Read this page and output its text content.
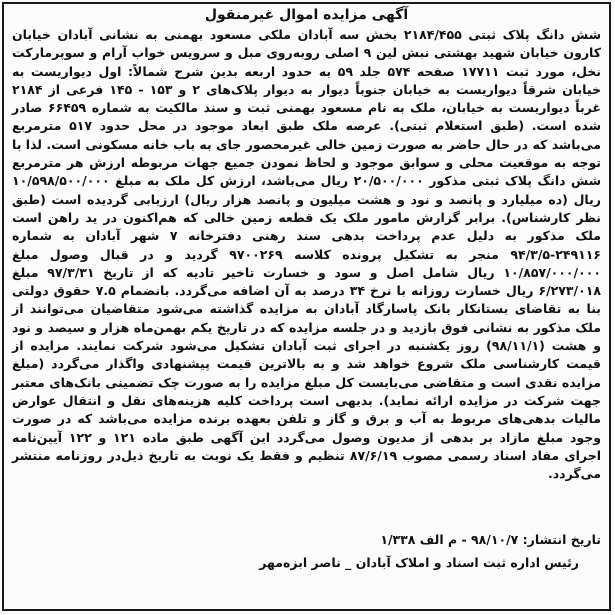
آگهی مزایده اموال غیرمنقول
شش دانگ پلاک ثبتی ۲۱۸۴/۴۵۵ بخش سه آبادان ملکی مسعود بهمنی به نشانی آبادان خیابان کارون خیابان شهید بهشتی نبش لین ۹ اصلی روبه‌روی مبل و سرویس خواب آرام و سوپرمارکت نخل، مورد ثبت ۱۷۷۱۱ صفحه ۵۷۴ جلد ۵۹ به حدود اربعه بدین شرح شمالاً: اول دیواریست به خیابان شرقاً دیواریست به خیابان جنوباً دیوار به دیوار پلاک‌های ۲ و ۱۵۳ - ۱۴۵ فرعی از ۲۱۸۴ غرباً دیواریست به خیابان، ملک به نام مسعود بهمنی ثبت و سند مالکیت به شماره ۶۶۴۵۹ صادر شده است. (طبق استعلام ثبتی). عرصه ملک طبق ابعاد موجود در محل حدود ۵۱۷ مترمربع می‌باشد که در حال حاضر به صورت زمین خالی غیرمحصور جای به باب خانه مسکونی است. لذا با توجه به موقعیت محلی و سوابق موجود و لحاظ نمودن جمیع جهات مربوطه ارزش هر مترمربع شش دانگ پلاک ثبتی مذکور ۲۰/۵۰۰/۰۰۰ ریال می‌باشد، ارزش کل ملک به مبلغ ۱۰/۵۹۸/۵۰۰/۰۰۰ ریال (ده میلیارد و پانصد و نود و هشت میلیون و پانصد هزار ریال) ارزیابی گردیده است (طبق نظر کارشناس). برابر گزارش مامور ملک یک قطعه زمین خالی که هم‌اکنون در ید راهن است ملک مذکور به دلیل عدم پرداخت بدهی سند رهنی دفترخانه ۷ شهر آبادان به شماره ۲۴۹۱۱۶-۹۴/۳/۵ منجر به تشکیل پرونده کلاسه ۹۷۰۰۲۶۹ گردید و در قبال وصول مبلغ ۱۰/۸۵۷/۰۰۰/۰۰۰ ریال شامل اصل و سود و خسارت تاخیر تادیه که از تاریخ ۹۷/۳/۳۱ مبلغ ۶/۲۷۳/۰۱۸ ریال خسارت روزانه با نرخ ۳۴ درصد به آن اضافه می‌گردد. بانضمام ۷.۵ حقوق دولتی بنا به تقاضای بستانکار بانک پاسارگاد آبادان به مزایده گذاشته می‌شود متقاضیان می‌توانند از ملک مذکور به نشانی فوق بازدید و در جلسه مزایده که در تاریخ یکم بهمن‌ماه هزار و سیصد و نود و هشت (۹۸/۱۱/۱) روز یکشنبه در اجرای ثبت آبادان تشکیل می‌شود شرکت نمایند. مزایده از قیمت کارشناسی ملک شروع خواهد شد و به بالاترین قیمت پیشنهادی واگذار می‌گردد (مبلغ مزایده نقدی است و متقاضی می‌بایست کل مبلغ مزایده را به صورت چک تضمینی بانک‌های معتبر جهت شرکت در مزایده ارائه نماید). بدیهی است پرداخت کلیه هزینه‌های نقل و انتقال عوارض مالیات بدهی‌های مربوط به آب و برق و گاز و تلفن بعهده برنده مزایده می‌باشد که در صورت وجود مبلغ مازاد بر بدهی از مدیون وصول می‌گردد این آگهی طبق ماده ۱۲۱ و ۱۲۲ آیین‌نامه اجرای مفاد اسناد رسمی مصوب ۸۷/۶/۱۹ تنظیم و فقط یک نوبت به تاریخ ذیل‌در روزنامه منتشر می‌گردد.
تاریخ انتشار: ۹۸/۱۰/۷ - م الف ۱/۳۳۸
رئیس اداره ثبت اسناد و املاک آبادان _ ناصر ابزه‌مهر
